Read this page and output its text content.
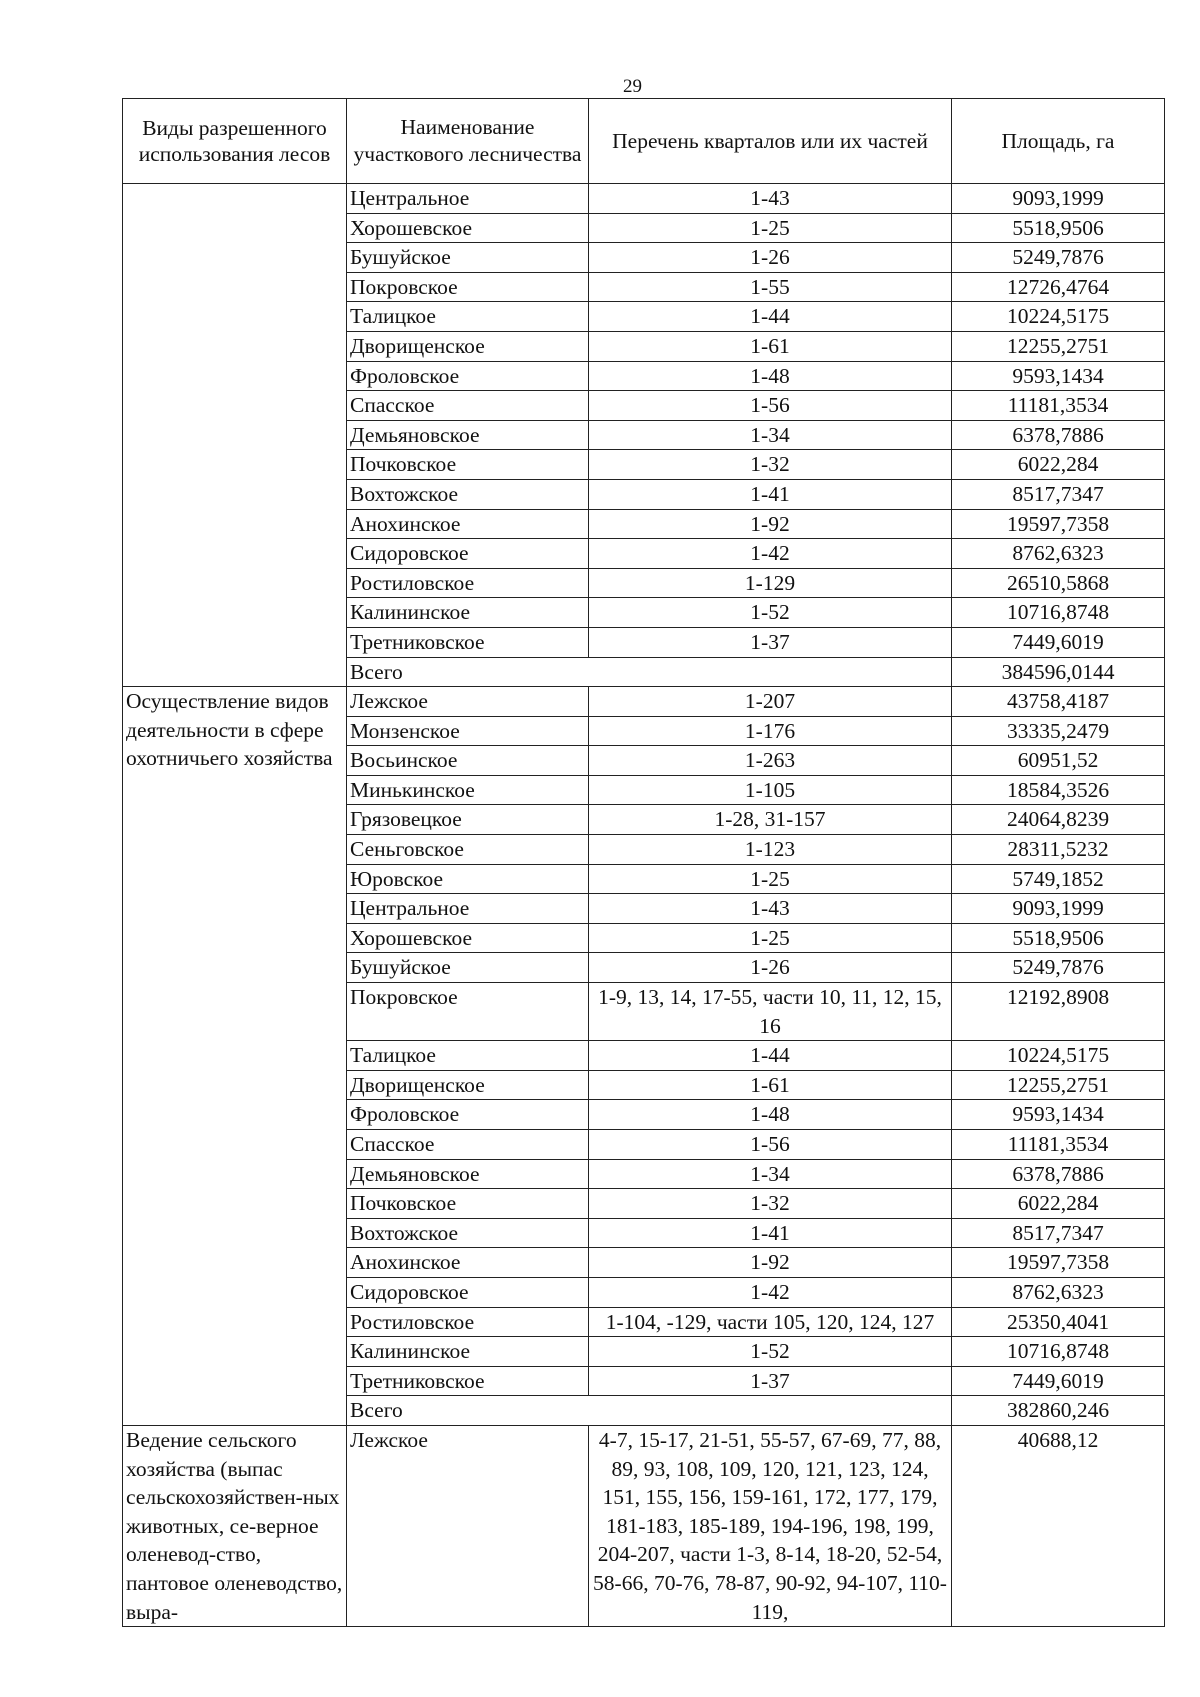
29
Виды разрешенного использования лесов	Наименование участкового лесничества	Перечень кварталов или их частей	Площадь, га
	Центральное	1-43	9093,1999
	Хорошевское	1-25	5518,9506
	Бушуйское	1-26	5249,7876
	Покровское	1-55	12726,4764
	Талицкое	1-44	10224,5175
	Дворищенское	1-61	12255,2751
	Фроловское	1-48	9593,1434
	Спасское	1-56	11181,3534
	Демьяновское	1-34	6378,7886
	Почковское	1-32	6022,284
	Вохтожское	1-41	8517,7347
	Анохинское	1-92	19597,7358
	Сидоровское	1-42	8762,6323
	Ростиловское	1-129	26510,5868
	Калининское	1-52	10716,8748
	Третниковское	1-37	7449,6019
	Всего		384596,0144
Осуществление видов деятельности в сфере охотничьего хозяйства	Лежское	1-207	43758,4187
	Монзенское	1-176	33335,2479
	Восьинское	1-263	60951,52
	Минькинское	1-105	18584,3526
	Грязовецкое	1-28, 31-157	24064,8239
	Сеньговское	1-123	28311,5232
	Юровское	1-25	5749,1852
	Центральное	1-43	9093,1999
	Хорошевское	1-25	5518,9506
	Бушуйское	1-26	5249,7876
	Покровское	1-9, 13, 14, 17-55, части 10, 11, 12, 15, 16	12192,8908
	Талицкое	1-44	10224,5175
	Дворищенское	1-61	12255,2751
	Фроловское	1-48	9593,1434
	Спасское	1-56	11181,3534
	Демьяновское	1-34	6378,7886
	Почковское	1-32	6022,284
	Вохтожское	1-41	8517,7347
	Анохинское	1-92	19597,7358
	Сидоровское	1-42	8762,6323
	Ростиловское	1-104, -129, части 105, 120, 124, 127	25350,4041
	Калининское	1-52	10716,8748
	Третниковское	1-37	7449,6019
	Всего		382860,246
Ведение сельского хозяйства (выпас сельскохозяйствен-ных животных, се-верное оленевод-ство, пантовое оленеводство, выра-	Лежское	4-7, 15-17, 21-51, 55-57, 67-69, 77, 88, 89, 93, 108, 109, 120, 121, 123, 124, 151, 155, 156, 159-161, 172, 177, 179, 181-183, 185-189, 194-196, 198, 199, 204-207, части 1-3, 8-14, 18-20, 52-54, 58-66, 70-76, 78-87, 90-92, 94-107, 110-119,	40688,12
